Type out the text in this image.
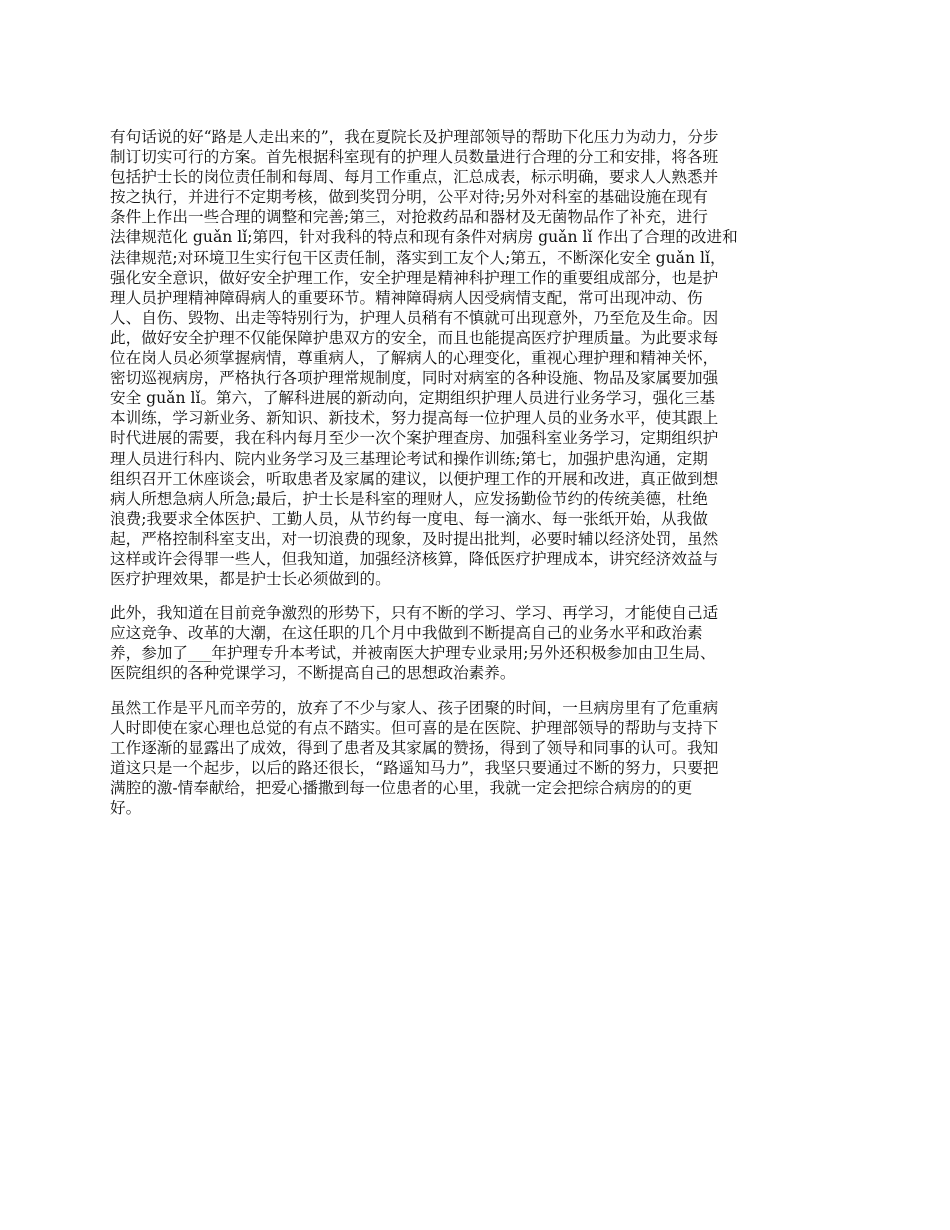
有句话说的好“路是人走出来的”，我在夏院长及护理部领导的帮助下化压力为动力，分步
制订切实可行的方案。首先根据科室现有的护理人员数量进行合理的分工和安排，将各班
包括护士长的岗位责任制和每周、每月工作重点，汇总成表，标示明确，要求人人熟悉并
按之执行，并进行不定期考核，做到奖罚分明，公平对待;另外对科室的基础设施在现有
条件上作出一些合理的调整和完善;第三，对抢救药品和器材及无菌物品作了补充，进行
法律规范化 guǎn lǐ;第四，针对我科的特点和现有条件对病房 guǎn lǐ 作出了合理的改进和
法律规范;对环境卫生实行包干区责任制，落实到工友个人;第五，不断深化安全 guǎn lǐ，
强化安全意识，做好安全护理工作，安全护理是精神科护理工作的重要组成部分，也是护
理人员护理精神障碍病人的重要环节。精神障碍病人因受病情支配，常可出现冲动、伤
人、自伤、毁物、出走等特别行为，护理人员稍有不慎就可出现意外，乃至危及生命。因
此，做好安全护理不仅能保障护患双方的安全，而且也能提高医疗护理质量。为此要求每
位在岗人员必须掌握病情，尊重病人，了解病人的心理变化，重视心理护理和精神关怀，
密切巡视病房，严格执行各项护理常规制度，同时对病室的各种设施、物品及家属要加强
安全 guǎn lǐ。第六，了解科进展的新动向，定期组织护理人员进行业务学习，强化三基
本训练，学习新业务、新知识、新技术，努力提高每一位护理人员的业务水平，使其跟上
时代进展的需要，我在科内每月至少一次个案护理查房、加强科室业务学习，定期组织护
理人员进行科内、院内业务学习及三基理论考试和操作训练;第七，加强护患沟通，定期
组织召开工休座谈会，听取患者及家属的建议，以便护理工作的开展和改进，真正做到想
病人所想急病人所急;最后，护士长是科室的理财人，应发扬勤俭节约的传统美德，杜绝
浪费;我要求全体医护、工勤人员，从节约每一度电、每一滴水、每一张纸开始，从我做
起，严格控制科室支出，对一切浪费的现象，及时提出批判，必要时辅以经济处罚，虽然
这样或许会得罪一些人，但我知道，加强经济核算，降低医疗护理成本，讲究经济效益与
医疗护理效果，都是护士长必须做到的。

此外，我知道在目前竞争激烈的形势下，只有不断的学习、学习、再学习，才能使自己适
应这竞争、改革的大潮，在这任职的几个月中我做到不断提高自己的业务水平和政治素
养，参加了___年护理专升本考试，并被南医大护理专业录用;另外还积极参加由卫生局、
医院组织的各种党课学习，不断提高自己的思想政治素养。

虽然工作是平凡而辛劳的，放弃了不少与家人、孩子团聚的时间，一旦病房里有了危重病
人时即使在家心理也总觉的有点不踏实。但可喜的是在医院、护理部领导的帮助与支持下
工作逐渐的显露出了成效，得到了患者及其家属的赞扬，得到了领导和同事的认可。我知
道这只是一个起步，以后的路还很长，“路遥知马力”，我坚只要通过不断的努力，只要把
满腔的激-情奉献给，把爱心播撒到每一位患者的心里，我就一定会把综合病房的的更
好。
